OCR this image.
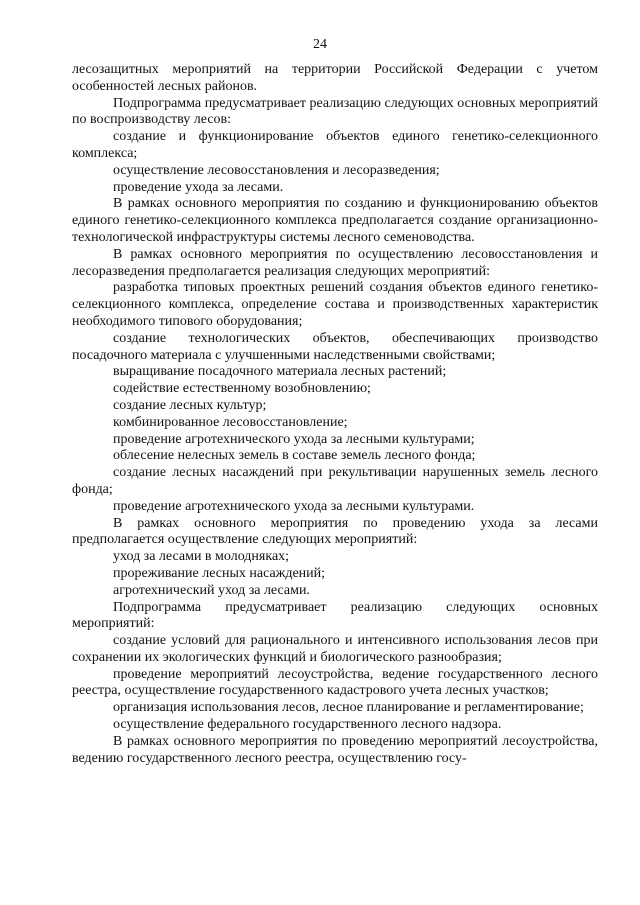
24

лесозащитных мероприятий на территории Российской Федерации с учетом особенностей лесных районов.

Подпрограмма предусматривает реализацию следующих основных мероприятий по воспроизводству лесов:

создание и функционирование объектов единого генетико-селекционного комплекса;

осуществление лесовосстановления и лесоразведения;

проведение ухода за лесами.

В рамках основного мероприятия по созданию и функционированию объектов единого генетико-селекционного комплекса предполагается создание организационно-технологической инфраструктуры системы лесного семеноводства.

В рамках основного мероприятия по осуществлению лесовосстановления и лесоразведения предполагается реализация следующих мероприятий:

разработка типовых проектных решений создания объектов единого генетико-селекционного комплекса, определение состава и производственных характеристик необходимого типового оборудования;

создание технологических объектов, обеспечивающих производство посадочного материала с улучшенными наследственными свойствами;

выращивание посадочного материала лесных растений;

содействие естественному возобновлению;

создание лесных культур;

комбинированное лесовосстановление;

проведение агротехнического ухода за лесными культурами;

облесение нелесных земель в составе земель лесного фонда;

создание лесных насаждений при рекультивации нарушенных земель лесного фонда;

проведение агротехнического ухода за лесными культурами.

В рамках основного мероприятия по проведению ухода за лесами предполагается осуществление следующих мероприятий:

уход за лесами в молодняках;

прореживание лесных насаждений;

агротехнический уход за лесами.

Подпрограмма предусматривает реализацию следующих основных мероприятий:

создание условий для рационального и интенсивного использования лесов при сохранении их экологических функций и биологического разнообразия;

проведение мероприятий лесоустройства, ведение государственного лесного реестра, осуществление государственного кадастрового учета лесных участков;

организация использования лесов, лесное планирование и регламентирование;

осуществление федерального государственного лесного надзора.

В рамках основного мероприятия по проведению мероприятий лесоустройства, ведению государственного лесного реестра, осуществлению госу-
